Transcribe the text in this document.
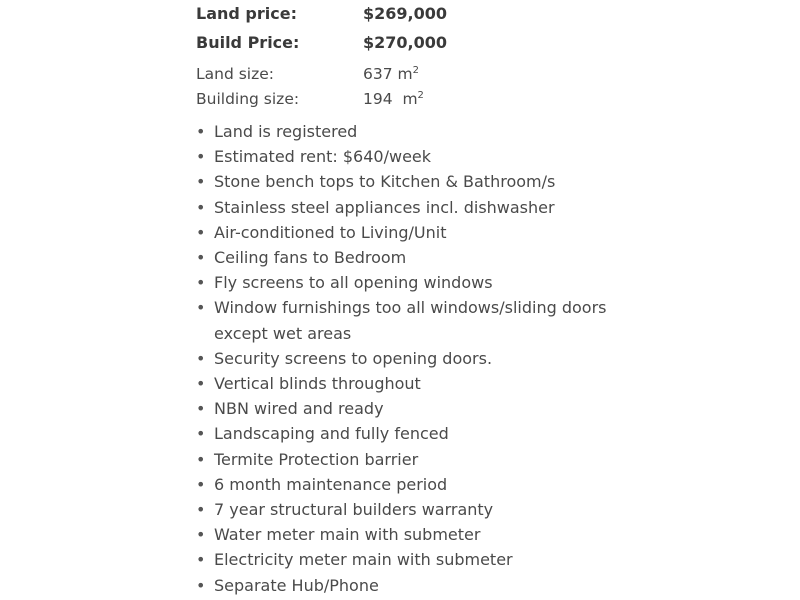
Land price:	$269,000
Build Price:	$270,000
Land size:	637 $m^2$
Building size:	194  $m^2$
• Land is registered
• Estimated rent: $640/week
• Stone bench tops to Kitchen & Bathroom/s
• Stainless steel appliances incl. dishwasher
• Air-conditioned to Living/Unit
• Ceiling fans to Bedroom
• Fly screens to all opening windows
• Window furnishings too all windows/sliding doors except wet areas
• Security screens to opening doors.
• Vertical blinds throughout
• NBN wired and ready
• Landscaping and fully fenced
• Termite Protection barrier
• 6 month maintenance period
• 7 year structural builders warranty
• Water meter main with submeter
• Electricity meter main with submeter
• Separate Hub/Phone
